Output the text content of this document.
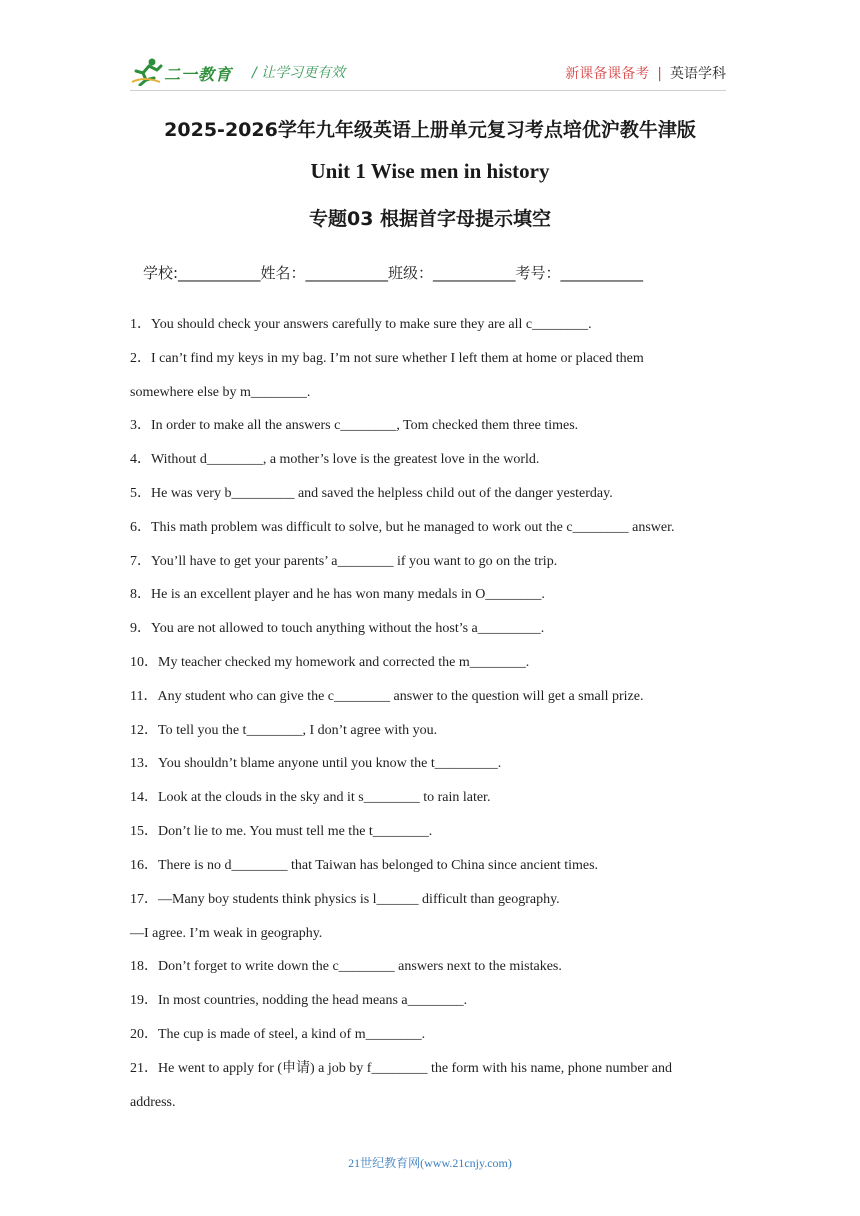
二一教育 / 让学习更有效	新课备课备考 | 英语学科
2025-2026学年九年级英语上册单元复习考点培优沪教牛津版
Unit 1 Wise men in history
专题03 根据首字母提示填空
学校:___________姓名：___________班级：___________考号：___________
1．You should check your answers carefully to make sure they are all c________.
2．I can’t find my keys in my bag. I’m not sure whether I left them at home or placed them
somewhere else by m________.
3．In order to make all the answers c________, Tom checked them three times.
4．Without d________, a mother’s love is the greatest love in the world.
5．He was very b_________ and saved the helpless child out of the danger yesterday.
6．This math problem was difficult to solve, but he managed to work out the c________ answer.
7．You’ll have to get your parents’ a________ if you want to go on the trip.
8．He is an excellent player and he has won many medals in O________.
9．You are not allowed to touch anything without the host’s a_________.
10．My teacher checked my homework and corrected the m________.
11．Any student who can give the c________ answer to the question will get a small prize.
12．To tell you the t________, I don’t agree with you.
13．You shouldn’t blame anyone until you know the t_________.
14．Look at the clouds in the sky and it s________ to rain later.
15．Don’t lie to me. You must tell me the t________.
16．There is no d________ that Taiwan has belonged to China since ancient times.
17．—Many boy students think physics is l______ difficult than geography.
—I agree. I’m weak in geography.
18．Don’t forget to write down the c________ answers next to the mistakes.
19．In most countries, nodding the head means a________.
20．The cup is made of steel, a kind of m________.
21．He went to apply for (申请) a job by f________ the form with his name, phone number and
address.
21世纪教育网(www.21cnjy.com)
